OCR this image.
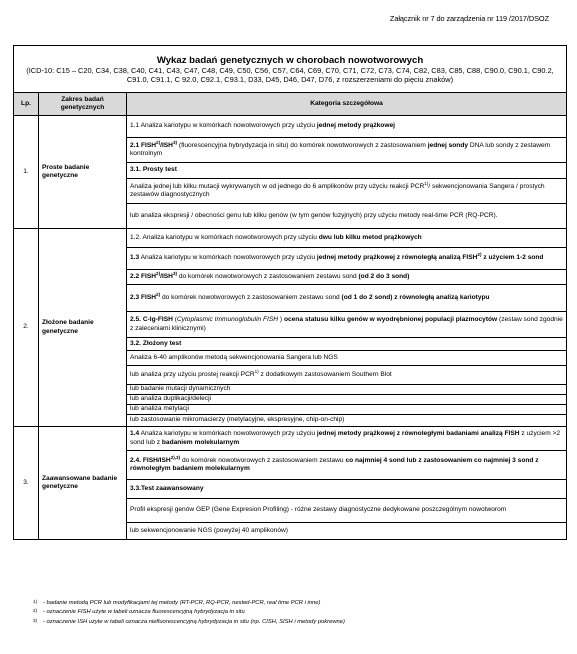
Załącznik nr 7 do zarządzenia nr 119 /2017/DSOZ
Wykaz badań genetycznych w chorobach nowotworowych
(ICD-10: C15 – C20, C34, C38, C40, C41, C43, C47, C48, C49, C50, C56, C57, C64, C69, C70, C71, C72, C73, C74, C82, C83, C85, C88, C90.0, C90.1, C90.2, C91.0, C91.1, C 92.0, C92.1, C93.1, D33, D45, D46, D47, D76, z rozszerzeniami do pięciu znaków)		

Lp.	Zakres badań genetycznych	Kategoria szczegółowa
1.	Proste badanie genetyczne	1.1 Analiza kariotypu w komórkach nowotworowych przy użyciu jednej metody prążkowej
		2.1 FISH$^{2)}$/ISH$^{3)}$ (fluorescencyjna hybrydyzacja in situ) do komórek nowotworowych z zastosowaniem jednej sondy DNA lub sondy z zestawem kontrolnym
		3.1. Prosty test
		Analiza jednej lub kilku mutacji wykrywanych w od jednego do 6 amplikonów przy użyciu reakcji PCR$^{1)}$/ sekwencjonowania Sangera / prostych zestawów diagnostycznych
		lub analiza ekspresji / obecności genu lub kilku genów (w tym genów fuzyjnych) przy użyciu metody real-time PCR (RQ-PCR).
2.	Złożone badanie genetyczne	1.2. Analiza kariotypu w komórkach nowotworowych przy użyciu dwu lub kilku metod prążkowych
		1.3 Analiza kariotypu w komórkach nowotworowych przy użyciu jednej metody prążkowej z równoległą analizą FISH$^{2)}$ z użyciem 1-2 sond
		2.2 FISH$^{2)}$/ISH$^{3)}$ do komórek nowotworowych z zastosowaniem zestawu sond (od 2 do 3 sond)
		2.3 FISH$^{2)}$ do komórek nowotworowych z zastosowaniem zestawu sond (od 1 do 2 sond) z równoległą analizą kariotypu
		2.5. C-Ig-FISH (Cytoplasmic Immunoglobulin FISH ) ocena statusu kilku genów w wyodrębnionej populacji plazmocytów (zestaw sond zgodnie z zaleceniami klinicznymi)
		3.2. Złożony test
		Analiza 6-40 amplikonów metodą sekwencjonowania Sangera lub NGS
		lub analiza przy użyciu prostej reakcji PCR$^{1)}$ z dodatkowym zastosowaniem Southern Blot
		lub badanie mutacji dynamicznych
		lub analiza duplikacji/delecji
		lub analiza metylacji
		lub zastosowanie mikromacierzy (metylacyjne, ekspresyjne, chip-on-chip)
3.	Zaawansowane badanie genetyczne	1.4 Analiza kariotypu w komórkach nowotworowych przy użyciu jednej metody prążkowej z równoległymi badaniami analizą FISH z użyciem >2 sond lub z badaniem molekularnym
		2.4. FISH/$ISH^{2),3)}$ do komórek nowotworowych z zastosowaniem zestawu co najmniej 4 sond lub z zastosowaniem co najmniej 3 sond z równoległym badaniem molekularnym
		3.3.Test zaawansowany
		Profil ekspresji genów GEP (Gene Expresion Profiling) - różne zestawy diagnostyczne dedykowane poszczególnym nowotworom
		lub sekwencjonowanie NGS (powyżej 40 amplikonów)
1)	- badanie metodą PCR lub modyfikacjami tej metody (RT-PCR, RQ-PCR, nested-PCR, real time PCR i inne)
2)	- oznaczenie FISH użyte w tabeli oznacza fluorescencyjną hybrydyzacja in situ
3)	- oznaczenie ISH użyte w tabeli oznacza niefluorescencyjną hybrydyzacja in situ (np. CISH, SISH i metody pokrewne)
